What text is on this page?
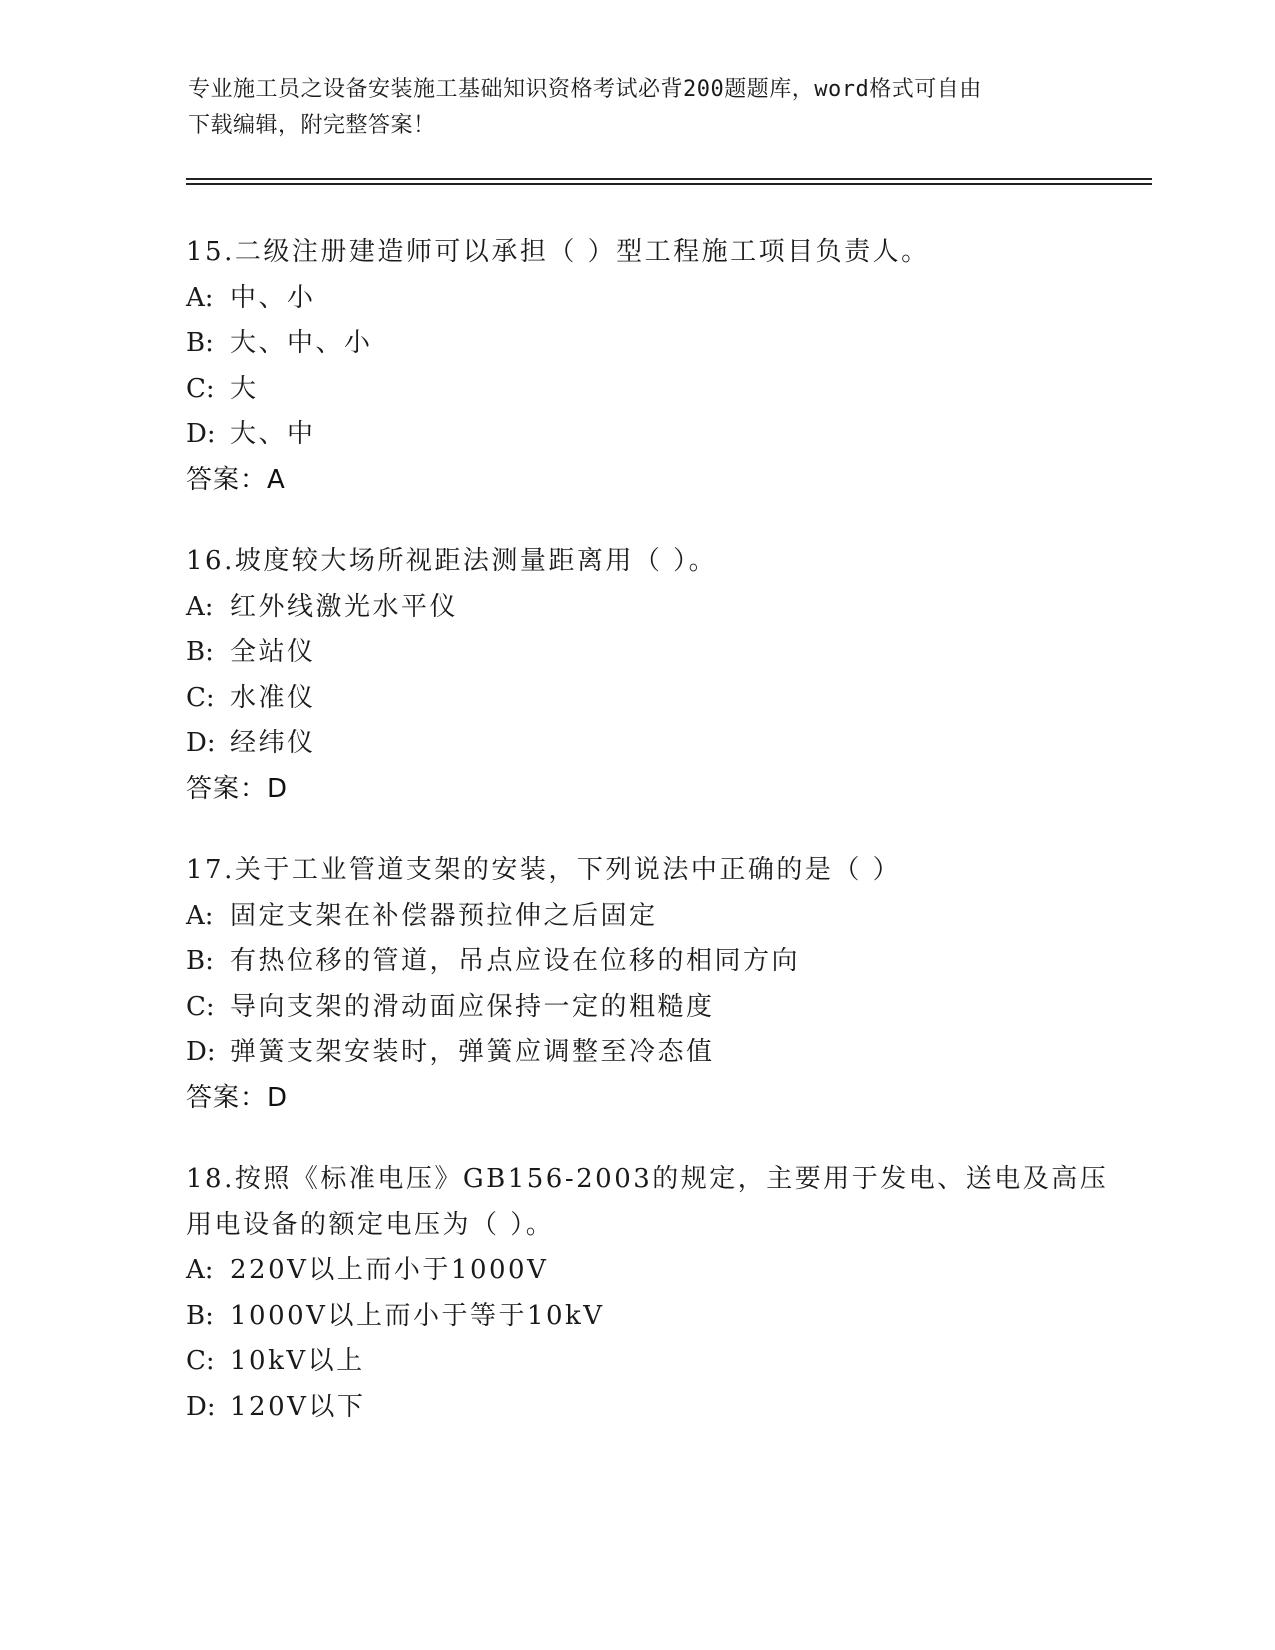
专业施工员之设备安装施工基础知识资格考试必背200题题库，word格式可自由
下载编辑，附完整答案！
15.二级注册建造师可以承担（ ）型工程施工项目负责人。
A: 中、小
B: 大、中、小
C: 大
D: 大、中
答案：A
16.坡度较大场所视距法测量距离用（ ）。
A: 红外线激光水平仪
B: 全站仪
C: 水准仪
D: 经纬仪
答案：D
17.关于工业管道支架的安装，下列说法中正确的是（ ）
A: 固定支架在补偿器预拉伸之后固定
B: 有热位移的管道，吊点应设在位移的相同方向
C: 导向支架的滑动面应保持一定的粗糙度
D: 弹簧支架安装时，弹簧应调整至冷态值
答案：D
18.按照《标准电压》GB156-2003的规定，主要用于发电、送电及高压
用电设备的额定电压为（ ）。
A: 220V以上而小于1000V
B: 1000V以上而小于等于10kV
C: 10kV以上
D: 120V以下
